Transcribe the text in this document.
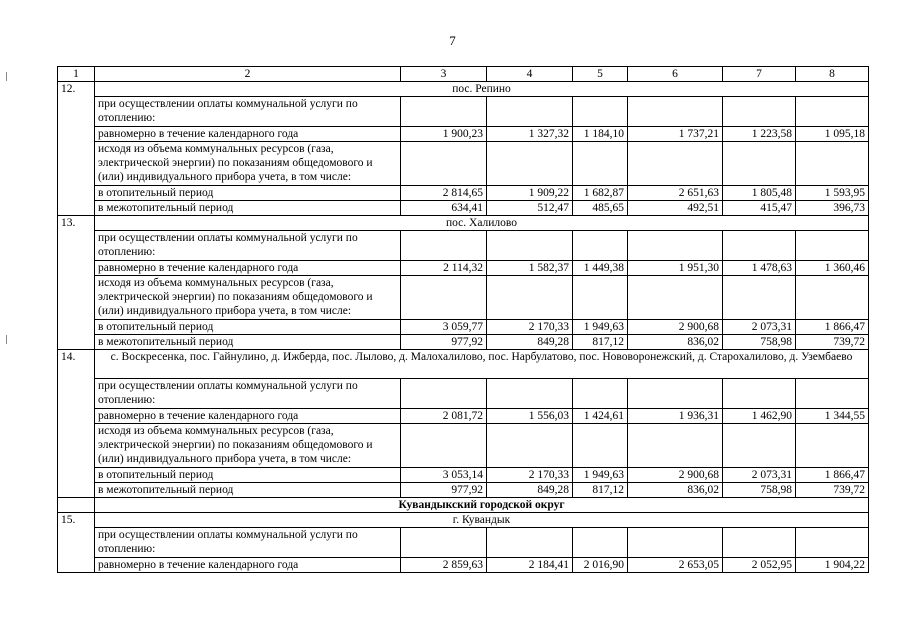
7
1	2	3	4	5	6	7	8
12.	пос. Репино						
	при осуществлении оплаты коммунальной услуги по отоплению:						
	равномерно в течение календарного года	1 900,23	1 327,32	1 184,10	1 737,21	1 223,58	1 095,18
	исходя из объема коммунальных ресурсов (газа, электрической энергии) по показаниям общедомового и (или) индивидуального прибора учета, в том числе:						
	в отопительный период	2 814,65	1 909,22	1 682,87	2 651,63	1 805,48	1 593,95
	в межотопительный период	634,41	512,47	485,65	492,51	415,47	396,73
13.	пос. Халилово						
	при осуществлении оплаты коммунальной услуги по отоплению:						
	равномерно в течение календарного года	2 114,32	1 582,37	1 449,38	1 951,30	1 478,63	1 360,46
	исходя из объема коммунальных ресурсов (газа, электрической энергии) по показаниям общедомового и (или) индивидуального прибора учета, в том числе:						
	в отопительный период	3 059,77	2 170,33	1 949,63	2 900,68	2 073,31	1 866,47
	в межотопительный период	977,92	849,28	817,12	836,02	758,98	739,72
14.	с. Воскресенка, пос. Гайнулино, д. Ижберда, пос. Лылово, д. Малохалилово, пос. Нарбулатово, пос. Нововоронежский, д. Старохалилово, д. Узембаево						
	при осуществлении оплаты коммунальной услуги по отоплению:						
	равномерно в течение календарного года	2 081,72	1 556,03	1 424,61	1 936,31	1 462,90	1 344,55
	исходя из объема коммунальных ресурсов (газа, электрической энергии) по показаниям общедомового и (или) индивидуального прибора учета, в том числе:						
	в отопительный период	3 053,14	2 170,33	1 949,63	2 900,68	2 073,31	1 866,47
	в межотопительный период	977,92	849,28	817,12	836,02	758,98	739,72
	Кувандыкский городской округ						
15.	г. Кувандык						
	при осуществлении оплаты коммунальной услуги по отоплению:						
	равномерно в течение календарного года	2 859,63	2 184,41	2 016,90	2 653,05	2 052,95	1 904,22
